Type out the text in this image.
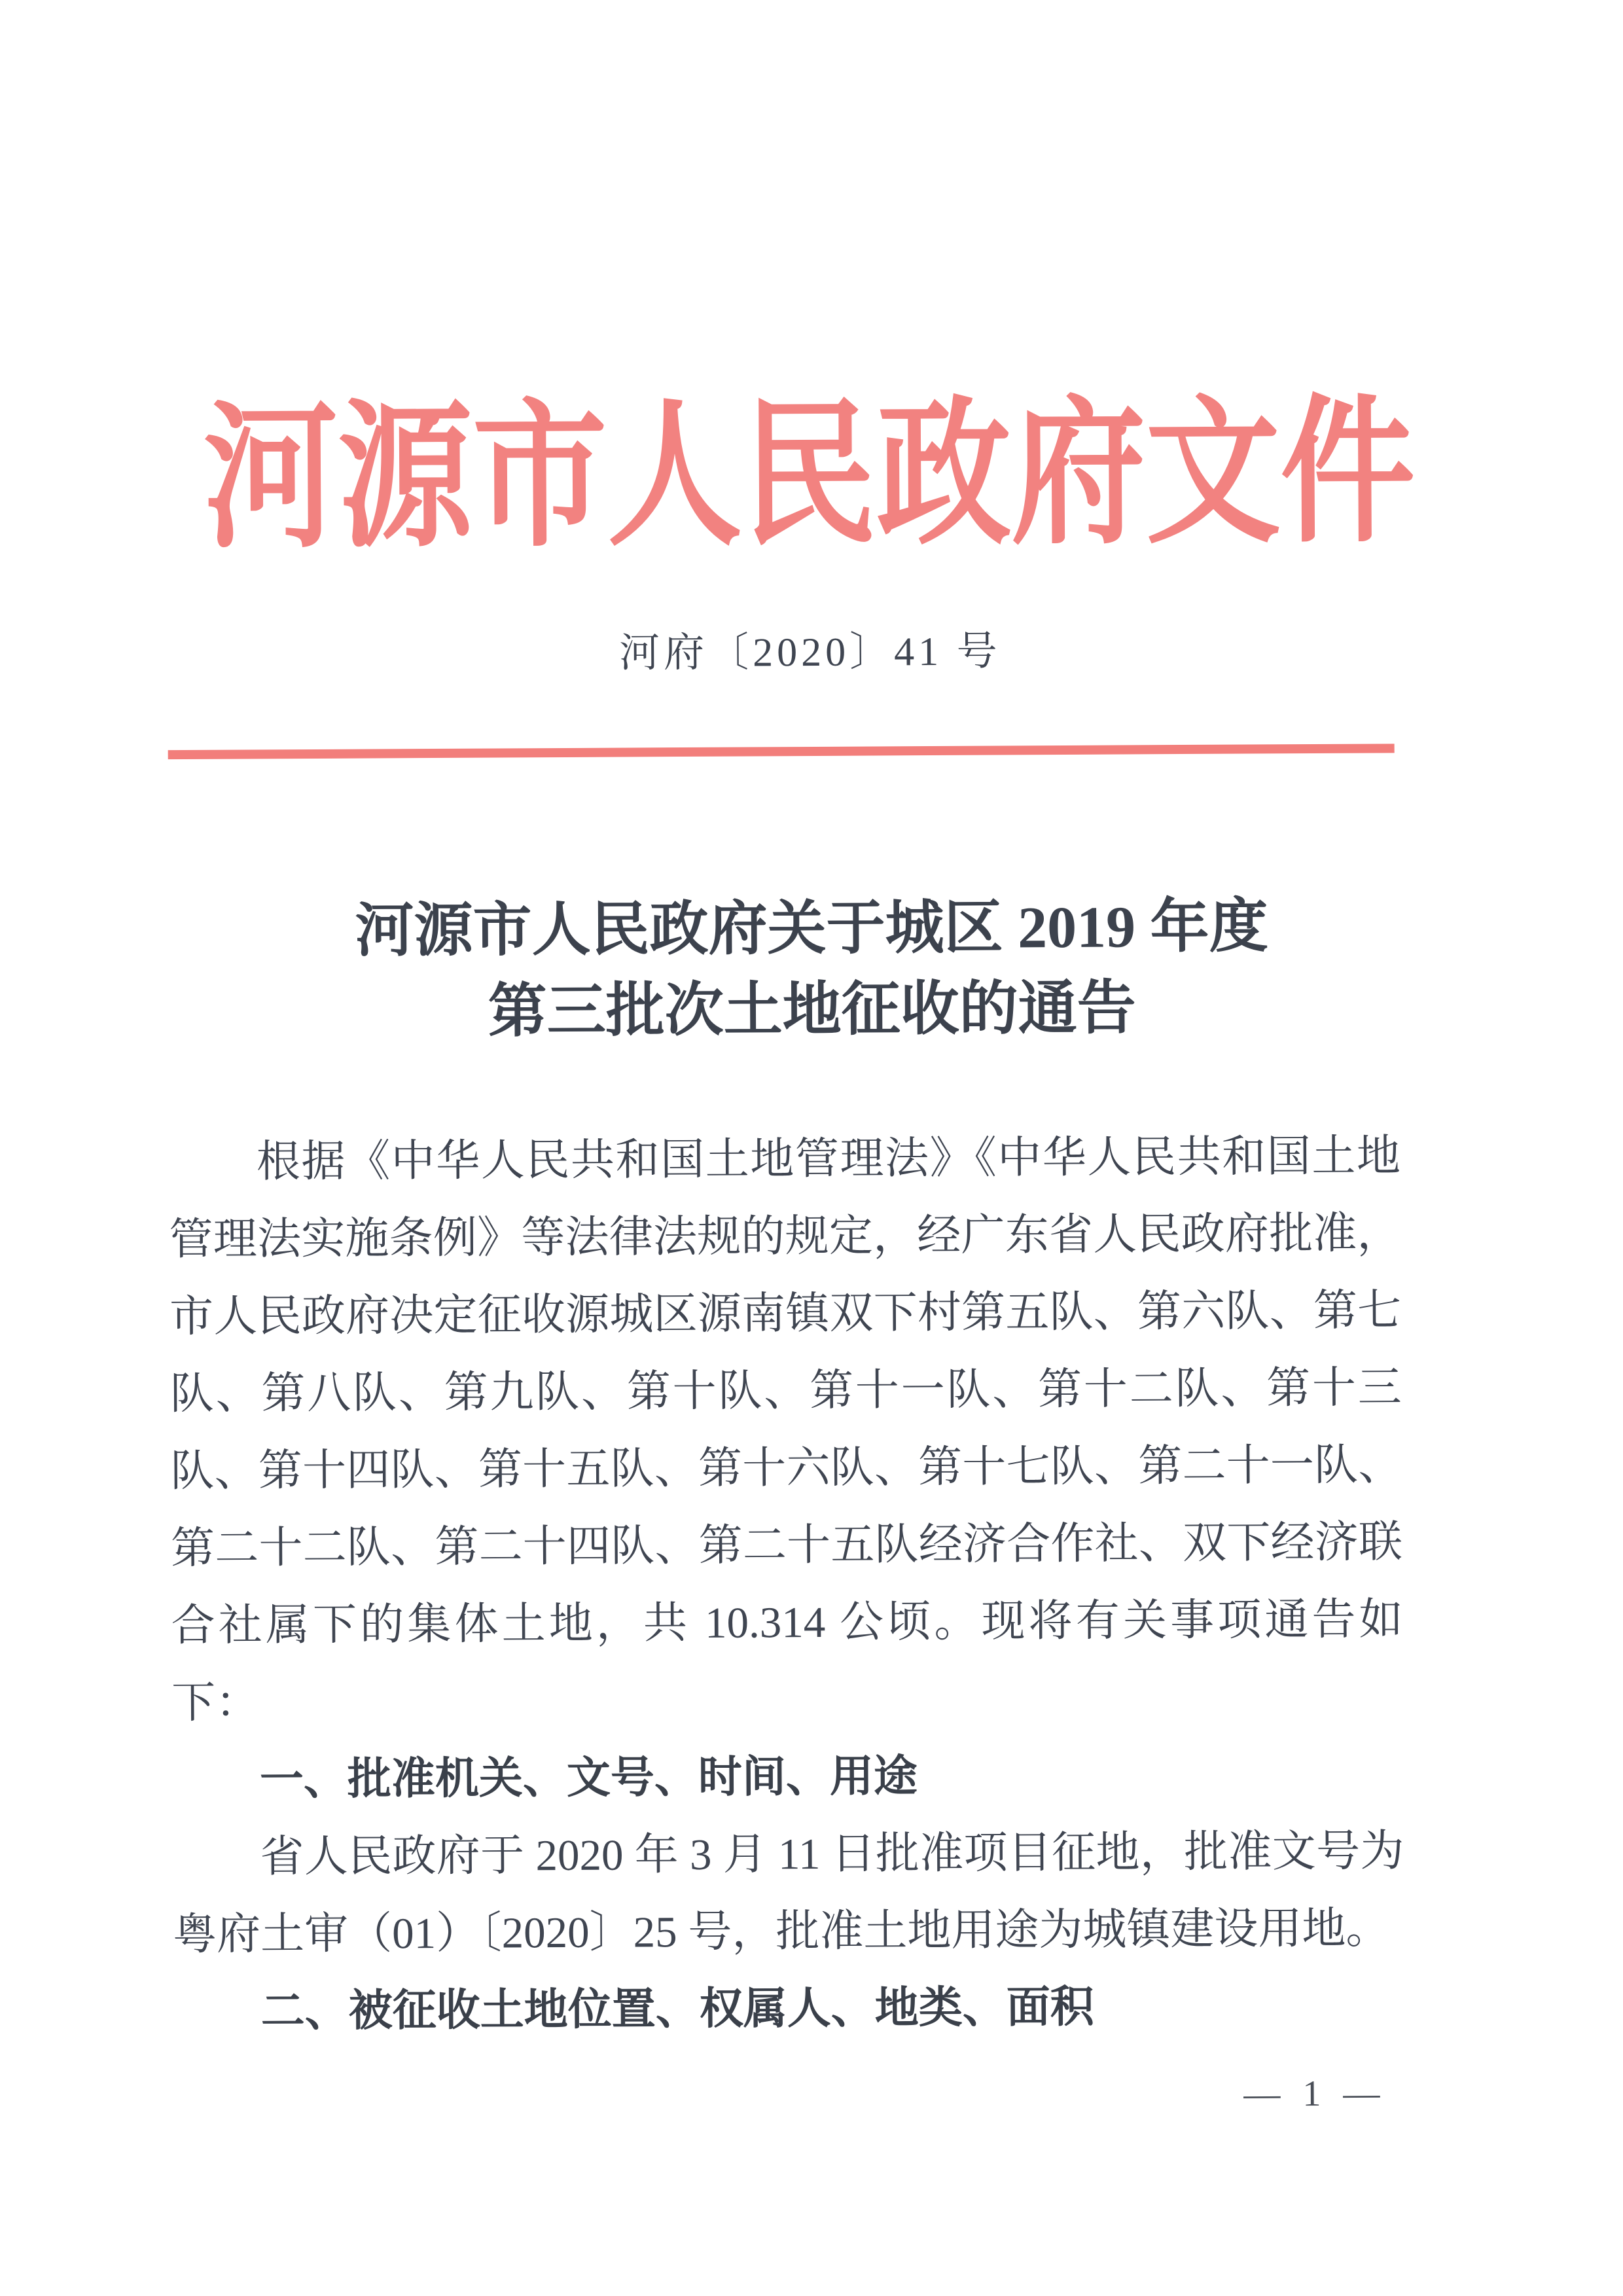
河源市人民政府文件
河府〔2020〕41 号
河源市人民政府关于城区 2019 年度
第三批次土地征收的通告

根据《中华人民共和国土地管理法》《中华人民共和国土地管理法实施条例》等法律法规的规定，经广东省人民政府批准，市人民政府决定征收源城区源南镇双下村第五队、第六队、第七队、第八队、第九队、第十队、第十一队、第十二队、第十三队、第十四队、第十五队、第十六队、第十七队、第二十一队、第二十二队、第二十四队、第二十五队经济合作社、双下经济联合社属下的集体土地，共 10.314 公顷。现将有关事项通告如下：

一、批准机关、文号、时间、用途

省人民政府于 2020 年 3 月 11 日批准项目征地，批准文号为粤府土审（01）〔2020〕25 号，批准土地用途为城镇建设用地。

二、被征收土地位置、权属人、地类、面积
— 1 —
